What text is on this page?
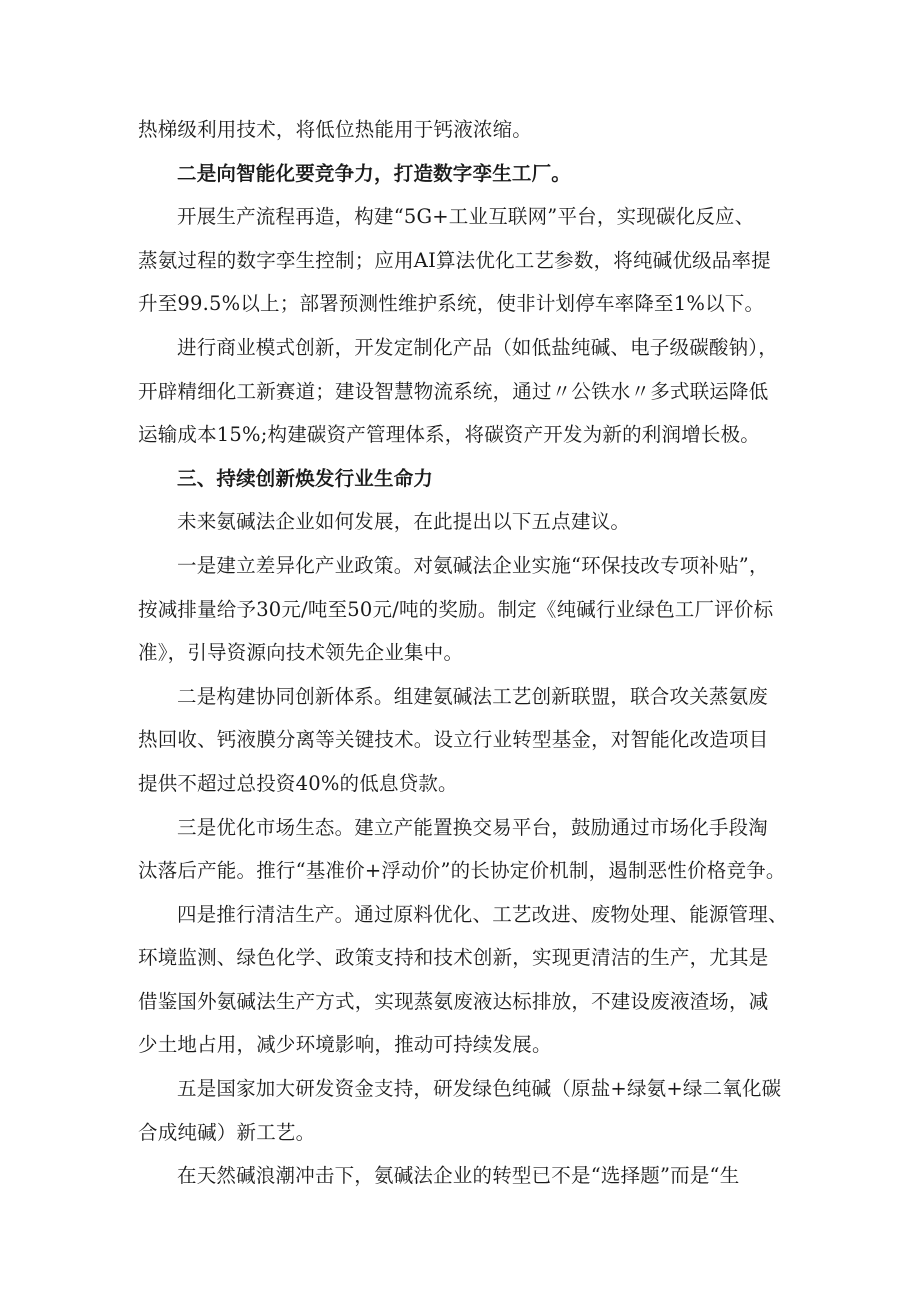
热梯级利用技术，将低位热能用于钙液浓缩。
二是向智能化要竞争力，打造数字孪生工厂。
开展生产流程再造，构建“5G+工业互联网”平台，实现碳化反应、
蒸氨过程的数字孪生控制；应用AI算法优化工艺参数，将纯碱优级品率提
升至99.5%以上；部署预测性维护系统，使非计划停车率降至1%以下。
进行商业模式创新，开发定制化产品（如低盐纯碱、电子级碳酸钠），
开辟精细化工新赛道；建设智慧物流系统，通过〃公铁水〃多式联运降低
运输成本15%;构建碳资产管理体系，将碳资产开发为新的利润增长极。
三、持续创新焕发行业生命力
未来氨碱法企业如何发展，在此提出以下五点建议。
一是建立差异化产业政策。对氨碱法企业实施“环保技改专项补贴”，
按减排量给予30元/吨至50元/吨的奖励。制定《纯碱行业绿色工厂评价标
准》，引导资源向技术领先企业集中。
二是构建协同创新体系。组建氨碱法工艺创新联盟，联合攻关蒸氨废
热回收、钙液膜分离等关键技术。设立行业转型基金，对智能化改造项目
提供不超过总投资40%的低息贷款。
三是优化市场生态。建立产能置换交易平台，鼓励通过市场化手段淘
汰落后产能。推行“基准价+浮动价”的长协定价机制，遏制恶性价格竞争。
四是推行清洁生产。通过原料优化、工艺改进、废物处理、能源管理、
环境监测、绿色化学、政策支持和技术创新，实现更清洁的生产，尤其是
借鉴国外氨碱法生产方式，实现蒸氨废液达标排放，不建设废液渣场，减
少土地占用，减少环境影响，推动可持续发展。
五是国家加大研发资金支持，研发绿色纯碱（原盐+绿氨+绿二氧化碳
合成纯碱）新工艺。
在天然碱浪潮冲击下，氨碱法企业的转型已不是“选择题”而是“生
